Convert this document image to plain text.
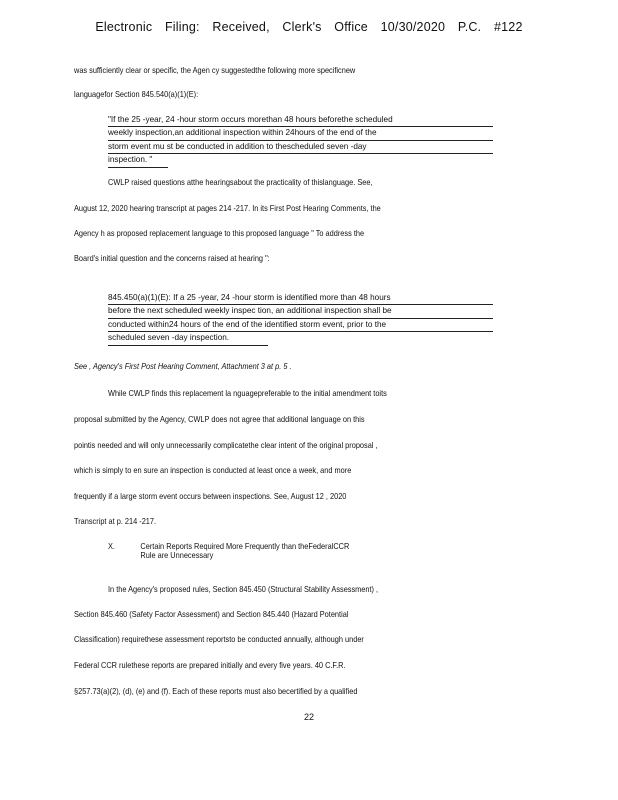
Electronic Filing: Received, Clerk's Office 10/30/2020 P.C. #122
was sufficiently clear or specific, the Agen cy suggestedthe following more specificnew
languagefor Section 845.540(a)(1)(E):
"If the 25 -year, 24 -hour storm occurs morethan 48 hours beforethe scheduled
weekly inspection,an additional inspection within 24hours of the end of the
storm event mu st be conducted in addition to thescheduled seven -day
inspection. "
CWLP raised questions atthe hearingsabout the practicality of thislanguage. See,
August 12, 2020 hearing transcript at pages 214 -217. In its First Post Hearing Comments, the
Agency h as proposed replacement language to this proposed language " To address the
Board's initial question and the concerns raised at hearing ":
845.450(a)(1)(E): If a 25 -year, 24 -hour storm is identified more than 48 hours
before the next scheduled weekly inspec tion, an additional inspection shall be
conducted within24 hours of the end of the identified storm event, prior to the
scheduled seven -day inspection.
See , Agency's First Post Hearing Comment, Attachment 3 at p. 5 .
While CWLP finds this replacement la nguagepreferable to the initial amendment toits
proposal submitted by the Agency, CWLP does not agree that additional language on this
pointis needed and will only unnecessarily complicatethe clear intent of the original proposal ,
which is simply to en sure an inspection is conducted at least once a week, and more
frequently if a large storm event occurs between inspections. See, August 12 , 2020
Transcript at p. 214 -217.
X.	Certain Reports Required More Frequently than theFederalCCR
Rule are Unnecessary
In the Agency's proposed rules, Section 845.450 (Structural Stability Assessment) ,
Section 845.460 (Safety Factor Assessment) and Section 845.440 (Hazard Potential
Classification) requirethese assessment reportsto be conducted annually, although under
Federal CCR rulethese reports are prepared initially and every five years. 40 C.F.R.
§257.73(a)(2), (d), (e) and (f). Each of these reports must also becertified by a qualified
22
